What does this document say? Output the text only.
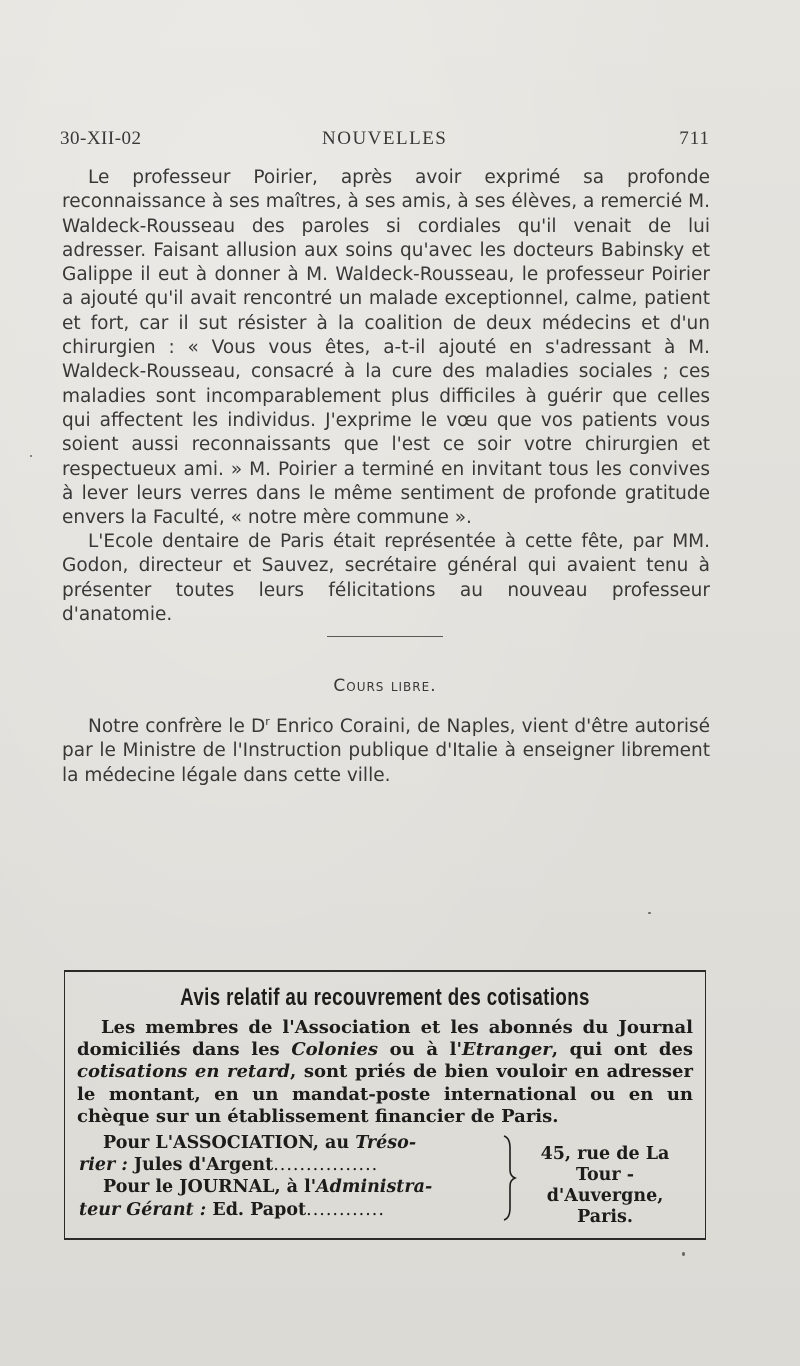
30-XII-02	NOUVELLES	711

Le professeur Poirier, après avoir exprimé sa profonde reconnaissance à ses maîtres, à ses amis, à ses élèves, a remercié M. Waldeck-Rousseau des paroles si cordiales qu'il venait de lui adresser. Faisant allusion aux soins qu'avec les docteurs Babinsky et Galippe il eut à donner à M. Waldeck-Rousseau, le professeur Poirier a ajouté qu'il avait rencontré un malade exceptionnel, calme, patient et fort, car il sut résister à la coalition de deux médecins et d'un chirurgien : « Vous vous êtes, a-t-il ajouté en s'adressant à M. Waldeck-Rousseau, consacré à la cure des maladies sociales ; ces maladies sont incomparablement plus difficiles à guérir que celles qui affectent les individus. J'exprime le vœu que vos patients vous soient aussi reconnaissants que l'est ce soir votre chirurgien et respectueux ami. » M. Poirier a terminé en invitant tous les convives à lever leurs verres dans le même sentiment de profonde gratitude envers la Faculté, « notre mère commune ».

L'Ecole dentaire de Paris était représentée à cette fête, par MM. Godon, directeur et Sauvez, secrétaire général qui avaient tenu à présenter toutes leurs félicitations au nouveau professeur d'anatomie.

Cours libre.

Notre confrère le $D^r$ Enrico Coraini, de Naples, vient d'être autorisé par le Ministre de l'Instruction publique d'Italie à enseigner librement la médecine légale dans cette ville.

Avis relatif au recouvrement des cotisations

Les membres de l'Association et les abonnés du Journal domiciliés dans les Colonies ou à l'Etranger, qui ont des cotisations en retard, sont priés de bien vouloir en adresser le montant, en un mandat-poste international ou en un chèque sur un établissement financier de Paris.

Pour L'ASSOCIATION, au Tréso-
rier : Jules d'Argent................
Pour le JOURNAL, à l'Administra-
teur Gérant : Ed. Papot............
45, rue de La Tour - d'Auvergne, Paris.
